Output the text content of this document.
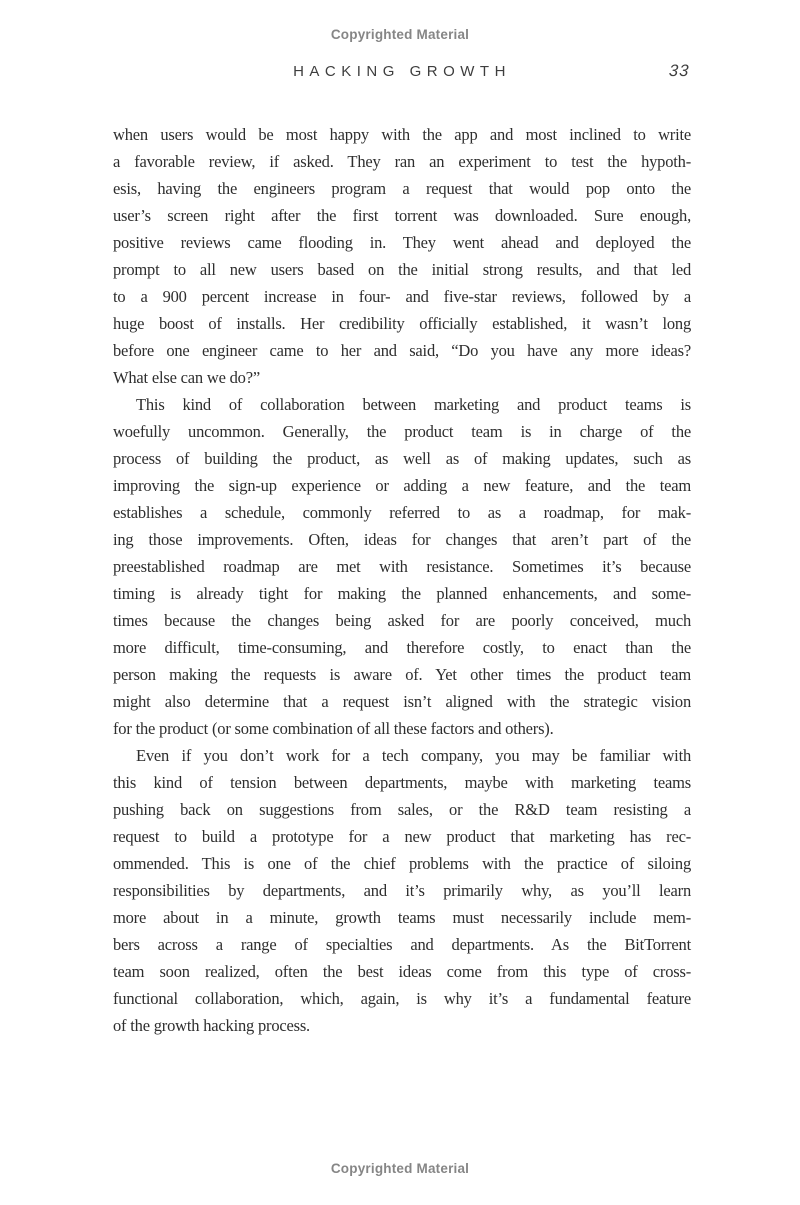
Copyrighted Material
HACKING GROWTH	33
when users would be most happy with the app and most inclined to write
a favorable review, if asked. They ran an experiment to test the hypoth-
esis, having the engineers program a request that would pop onto the
user’s screen right after the first torrent was downloaded. Sure enough,
positive reviews came flooding in. They went ahead and deployed the
prompt to all new users based on the initial strong results, and that led
to a 900 percent increase in four- and five-star reviews, followed by a
huge boost of installs. Her credibility officially established, it wasn’t long
before one engineer came to her and said, “Do you have any more ideas?
What else can we do?”
This kind of collaboration between marketing and product teams is
woefully uncommon. Generally, the product team is in charge of the
process of building the product, as well as of making updates, such as
improving the sign-up experience or adding a new feature, and the team
establishes a schedule, commonly referred to as a roadmap, for mak-
ing those improvements. Often, ideas for changes that aren’t part of the
preestablished roadmap are met with resistance. Sometimes it’s because
timing is already tight for making the planned enhancements, and some-
times because the changes being asked for are poorly conceived, much
more difficult, time-consuming, and therefore costly, to enact than the
person making the requests is aware of. Yet other times the product team
might also determine that a request isn’t aligned with the strategic vision
for the product (or some combination of all these factors and others).
Even if you don’t work for a tech company, you may be familiar with
this kind of tension between departments, maybe with marketing teams
pushing back on suggestions from sales, or the R&D team resisting a
request to build a prototype for a new product that marketing has rec-
ommended. This is one of the chief problems with the practice of siloing
responsibilities by departments, and it’s primarily why, as you’ll learn
more about in a minute, growth teams must necessarily include mem-
bers across a range of specialties and departments. As the BitTorrent
team soon realized, often the best ideas come from this type of cross-
functional collaboration, which, again, is why it’s a fundamental feature
of the growth hacking process.
Copyrighted Material
